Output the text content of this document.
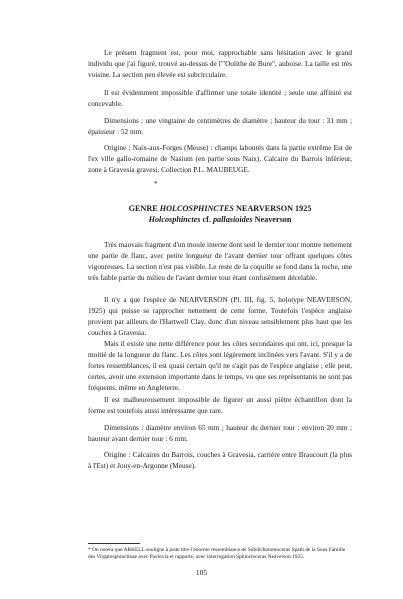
Le présent fragment est, pour moi, rapprochable sans hésitation avec le grand individu que j'ai figuré, trouvé au-dessus de l'"Oolithe de Bure", auboise. La taille est très voisine. La section peu élevée est subcirculaire.

Il est évidemment impossible d'affirmer une totale identité ; seule une affinité est concevable.

Dimensions : une vingtaine de centimètres de diamètre ; hauteur du tour : 31 mm ; épaisseur : 52 mm.

Origine : Naix-aux-Forges (Meuse) : champs labourés dans la partie extrême Est de l'ex ville gallo-romaine de Nasium (en partie sous Naix). Calcaire du Barrois inférieur, zone à Gravesia gravesi, Collection P.L. MAUBEUGE.

*
GENRE HOLCOSPHINCTES NEARVERSON 1925
Holcosphinctes cf. pallasioides Neaverson

Très mauvais fragment d'un moule interne dont seul le dernier tour montre nettement une partie de flanc, avec petite longueur de l'avant dernier tour offrant quelques côtes vigoureuses. La section n'est pas visible. Le reste de la coquille se fond dans la roche, une très faible partie du milieu de l'avant dernier tour étant confusément décelable.

Il n'y a que l'espèce de NEARVERSON (Pl. III, fig. 5, holotype NEAVERSON, 1925) qui puisse se rapprocher nettement de cette forme. Toutefois l'espèce anglaise provient par ailleurs de l'Hartwell Clay, donc d'un niveau sensiblement plus haut que les couches à Gravesia.

Mais il existe une nette différence pour les côtes secondaires qui ont, ici, presque la moitié de la longueur du flanc. Les côtes sont légèrement inclinées vers l'avant. S'il y a de fortes ressemblances, il est quasi certain qu'il ne s'agit pas de l'espèce anglaise ; elle peut, certes, avoir une extension importante dans le temps, vu que ses représentants ne sont pas fréquents, même en Angleterre.

Il est malheureusement impossible de figurer un aussi piètre échantillon dont la forme est toutefois aussi intéressante que rare.

Dimensions : diamètre environ 65 mm ; hauteur du dernier tour : environ 20 mm ; hauteur avant dernier tour : 6 mm.

Origine : Calcaires du Barrois, couches à Gravesia, carrière entre Braucourt (la plus à l'Est) et Jouy-en-Argonne (Meuse).

* On notera que ARKELL souligne à juste titre l'énorme ressemblance de Subdichotomoceras Spath de la Sous Famille des Virgatosphinctinae avec Pavlovia et rapporte, avec interrogation Sphinctoceras Neaverson 1925.

105
